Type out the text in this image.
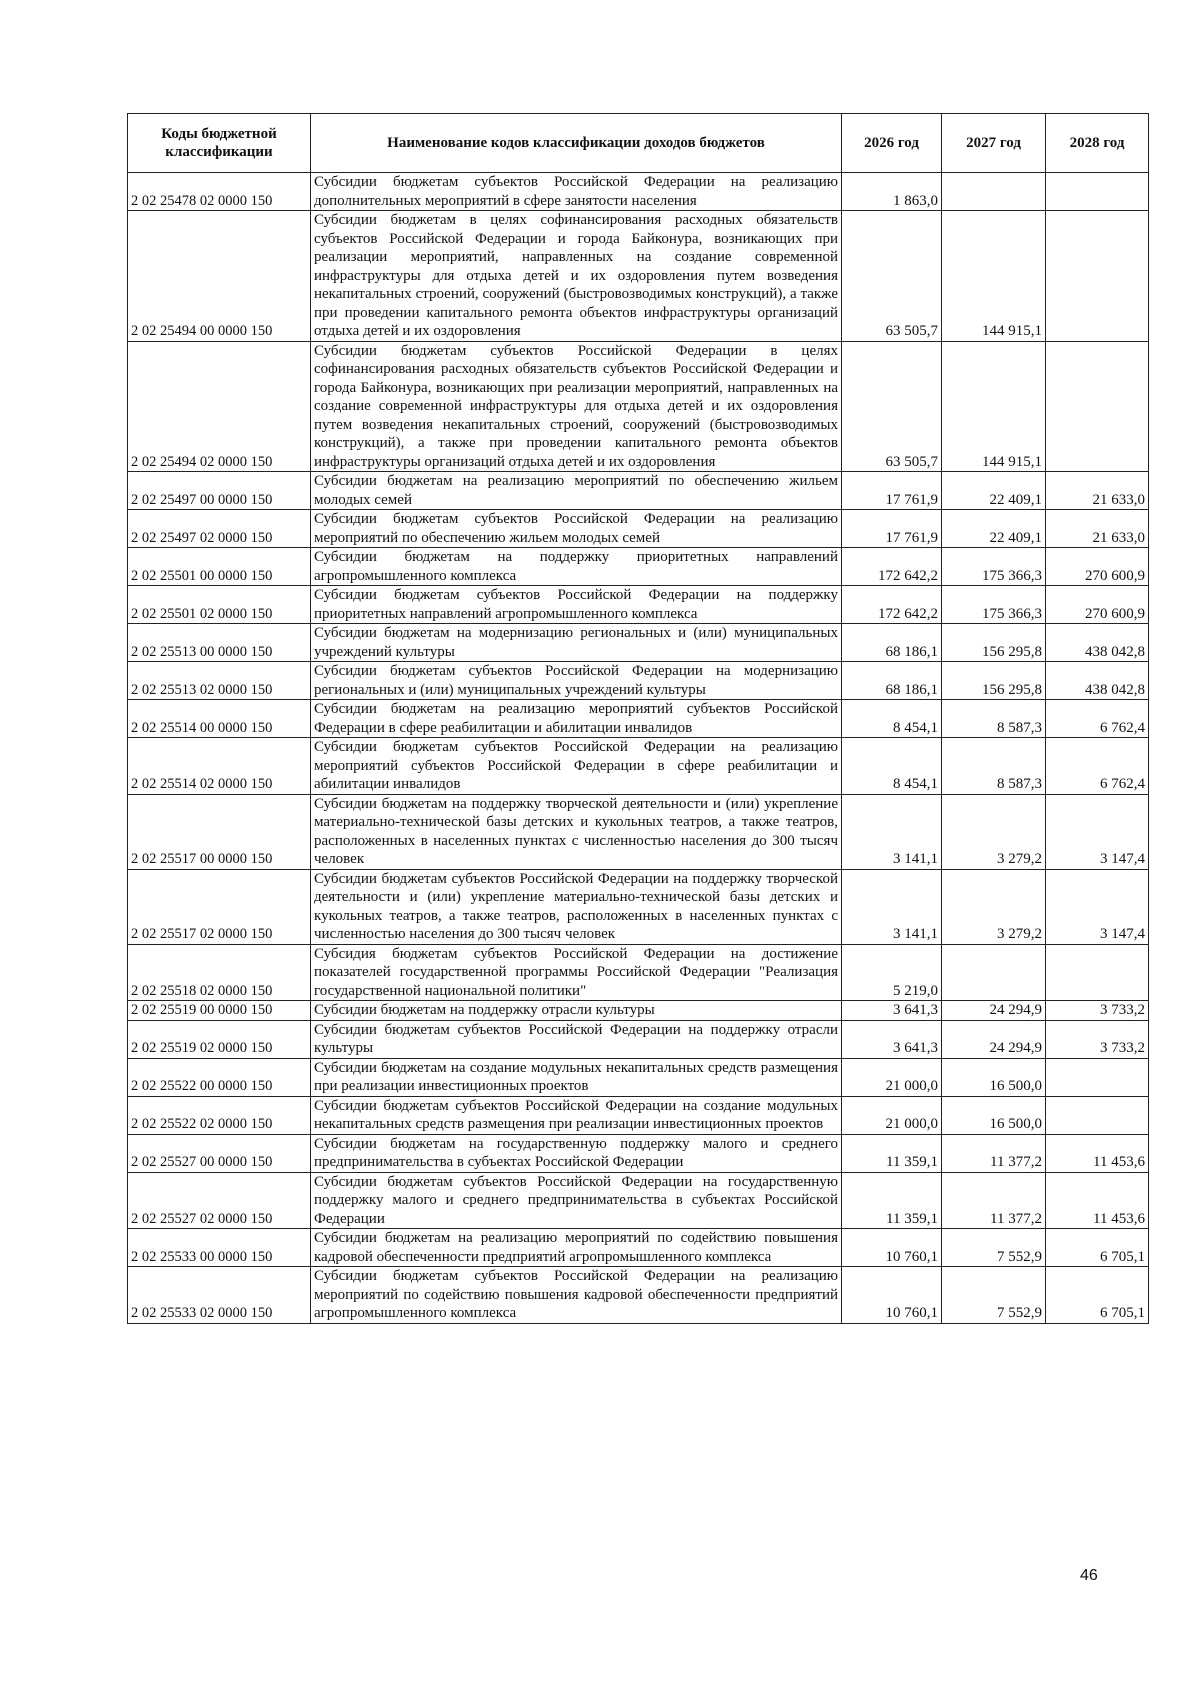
Коды бюджетной классификации	Наименование кодов классификации доходов бюджетов	2026 год	2027 год	2028 год
2 02 25478 02 0000 150	Субсидии бюджетам субъектов Российской Федерации на реализацию дополнительных мероприятий в сфере занятости населения	1 863,0		
2 02 25494 00 0000 150	Субсидии бюджетам в целях софинансирования расходных обязательств субъектов Российской Федерации и города Байконура, возникающих при реализации мероприятий, направленных на создание современной инфраструктуры для отдыха детей и их оздоровления путем возведения некапитальных строений, сооружений (быстровозводимых конструкций), а также при проведении капитального ремонта объектов инфраструктуры организаций отдыха детей и их оздоровления	63 505,7	144 915,1	
2 02 25494 02 0000 150	Субсидии бюджетам субъектов Российской Федерации в целях софинансирования расходных обязательств субъектов Российской Федерации и города Байконура, возникающих при реализации мероприятий, направленных на создание современной инфраструктуры для отдыха детей и их оздоровления путем возведения некапитальных строений, сооружений (быстровозводимых конструкций), а также при проведении капитального ремонта объектов инфраструктуры организаций отдыха детей и их оздоровления	63 505,7	144 915,1	
2 02 25497 00 0000 150	Субсидии бюджетам на реализацию мероприятий по обеспечению жильем молодых семей	17 761,9	22 409,1	21 633,0
2 02 25497 02 0000 150	Субсидии бюджетам субъектов Российской Федерации на реализацию мероприятий по обеспечению жильем молодых семей	17 761,9	22 409,1	21 633,0
2 02 25501 00 0000 150	Субсидии бюджетам на поддержку приоритетных направлений агропромышленного комплекса	172 642,2	175 366,3	270 600,9
2 02 25501 02 0000 150	Субсидии бюджетам субъектов Российской Федерации на поддержку приоритетных направлений агропромышленного комплекса	172 642,2	175 366,3	270 600,9
2 02 25513 00 0000 150	Субсидии бюджетам на модернизацию региональных и (или) муниципальных учреждений культуры	68 186,1	156 295,8	438 042,8
2 02 25513 02 0000 150	Субсидии бюджетам субъектов Российской Федерации на модернизацию региональных и (или) муниципальных учреждений культуры	68 186,1	156 295,8	438 042,8
2 02 25514 00 0000 150	Субсидии бюджетам на реализацию мероприятий субъектов Российской Федерации в сфере реабилитации и абилитации инвалидов	8 454,1	8 587,3	6 762,4
2 02 25514 02 0000 150	Субсидии бюджетам субъектов Российской Федерации на реализацию мероприятий субъектов Российской Федерации в сфере реабилитации и абилитации инвалидов	8 454,1	8 587,3	6 762,4
2 02 25517 00 0000 150	Субсидии бюджетам на поддержку творческой деятельности и (или) укрепление материально-технической базы детских и кукольных театров, а также театров, расположенных в населенных пунктах с численностью населения до 300 тысяч человек	3 141,1	3 279,2	3 147,4
2 02 25517 02 0000 150	Субсидии бюджетам субъектов Российской Федерации на поддержку творческой деятельности и (или) укрепление материально-технической базы детских и кукольных театров, а также театров, расположенных в населенных пунктах с численностью населения до 300 тысяч человек	3 141,1	3 279,2	3 147,4
2 02 25518 02 0000 150	Субсидия бюджетам субъектов Российской Федерации на достижение показателей государственной программы Российской Федерации "Реализация государственной национальной политики"	5 219,0		
2 02 25519 00 0000 150	Субсидии бюджетам на поддержку отрасли культуры	3 641,3	24 294,9	3 733,2
2 02 25519 02 0000 150	Субсидии бюджетам субъектов Российской Федерации на поддержку отрасли культуры	3 641,3	24 294,9	3 733,2
2 02 25522 00 0000 150	Субсидии бюджетам на создание модульных некапитальных средств размещения при реализации инвестиционных проектов	21 000,0	16 500,0	
2 02 25522 02 0000 150	Субсидии бюджетам субъектов Российской Федерации на создание модульных некапитальных средств размещения при реализации инвестиционных проектов	21 000,0	16 500,0	
2 02 25527 00 0000 150	Субсидии бюджетам на государственную поддержку малого и среднего предпринимательства в субъектах Российской Федерации	11 359,1	11 377,2	11 453,6
2 02 25527 02 0000 150	Субсидии бюджетам субъектов Российской Федерации на государственную поддержку малого и среднего предпринимательства в субъектах Российской Федерации	11 359,1	11 377,2	11 453,6
2 02 25533 00 0000 150	Субсидии бюджетам на реализацию мероприятий по содействию повышения кадровой обеспеченности предприятий агропромышленного комплекса	10 760,1	7 552,9	6 705,1
2 02 25533 02 0000 150	Субсидии бюджетам субъектов Российской Федерации на реализацию мероприятий по содействию повышения кадровой обеспеченности предприятий агропромышленного комплекса	10 760,1	7 552,9	6 705,1
46
